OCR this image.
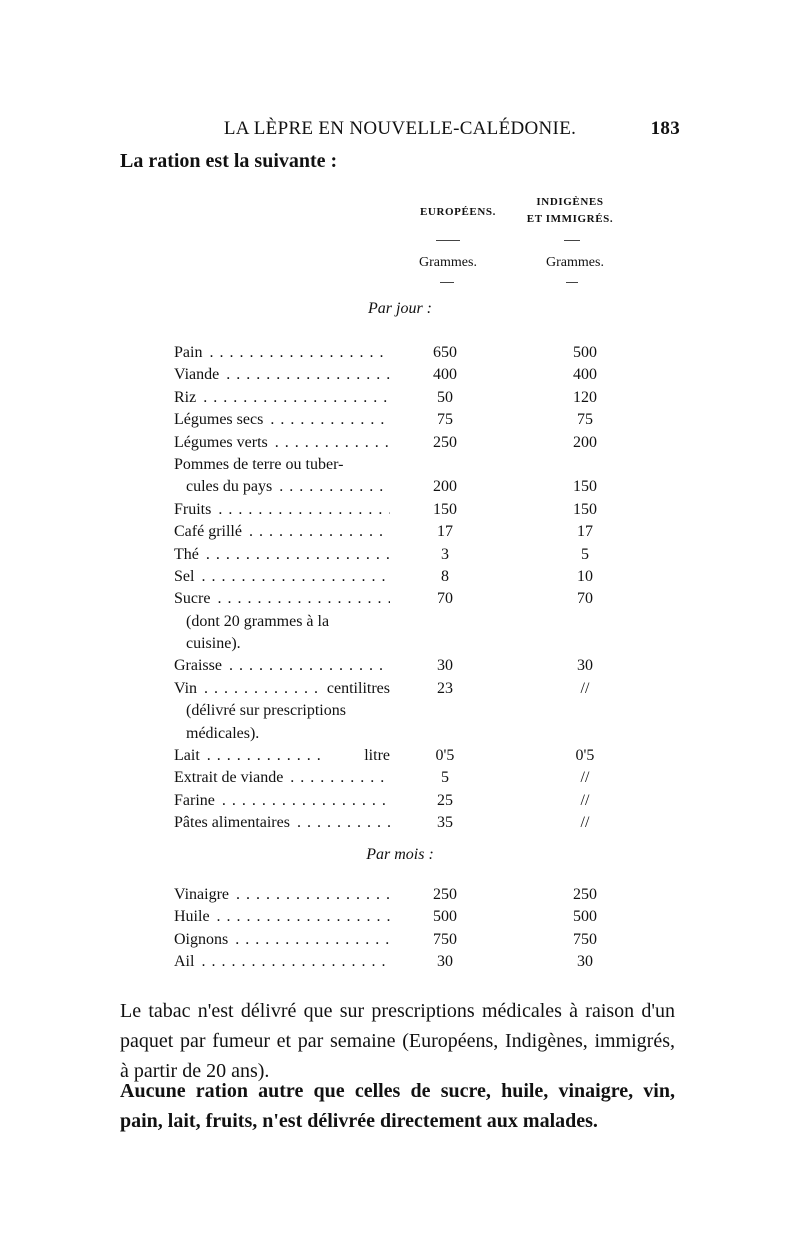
LA LÈPRE EN NOUVELLE-CALÉDONIE.	183
La ration est la suivante :
EUROPÉENS.
INDIGÈNES
ET IMMIGRÉS.
Grammes.	Grammes.
Par jour :
Pain . . .	650	500
Viande . . .	400	400
Riz . . .	50	120
Légumes secs . . .	75	75
Légumes verts . . .	250	200
Pommes de terre ou tuber-
cules du pays . . .	200	150
Fruits . . .	150	150
Café grillé . . .	17	17
Thé . . .	3	5
Sel . . .	8	10
Sucre . . .	70	70
(dont 20 grammes à la
cuisine).
Graisse . . .	30	30
Vin . . .	centilitres	23	//
(délivré sur prescriptions
médicales).
Lait . . .	litre	0'5	0'5
Extrait de viande . . .	5	//
Farine . . .	25	//
Pâtes alimentaires . . .	35	//
Par mois :
Vinaigre . . .	250	250
Huile . . .	500	500
Oignons . . .	750	750
Ail . . .	30	30
Le tabac n'est délivré que sur prescriptions médicales à raison d'un paquet par fumeur et par semaine (Européens, Indigènes, immigrés, à partir de 20 ans).
Aucune ration autre que celles de sucre, huile, vinaigre, vin, pain, lait, fruits, n'est délivrée directement aux malades.
